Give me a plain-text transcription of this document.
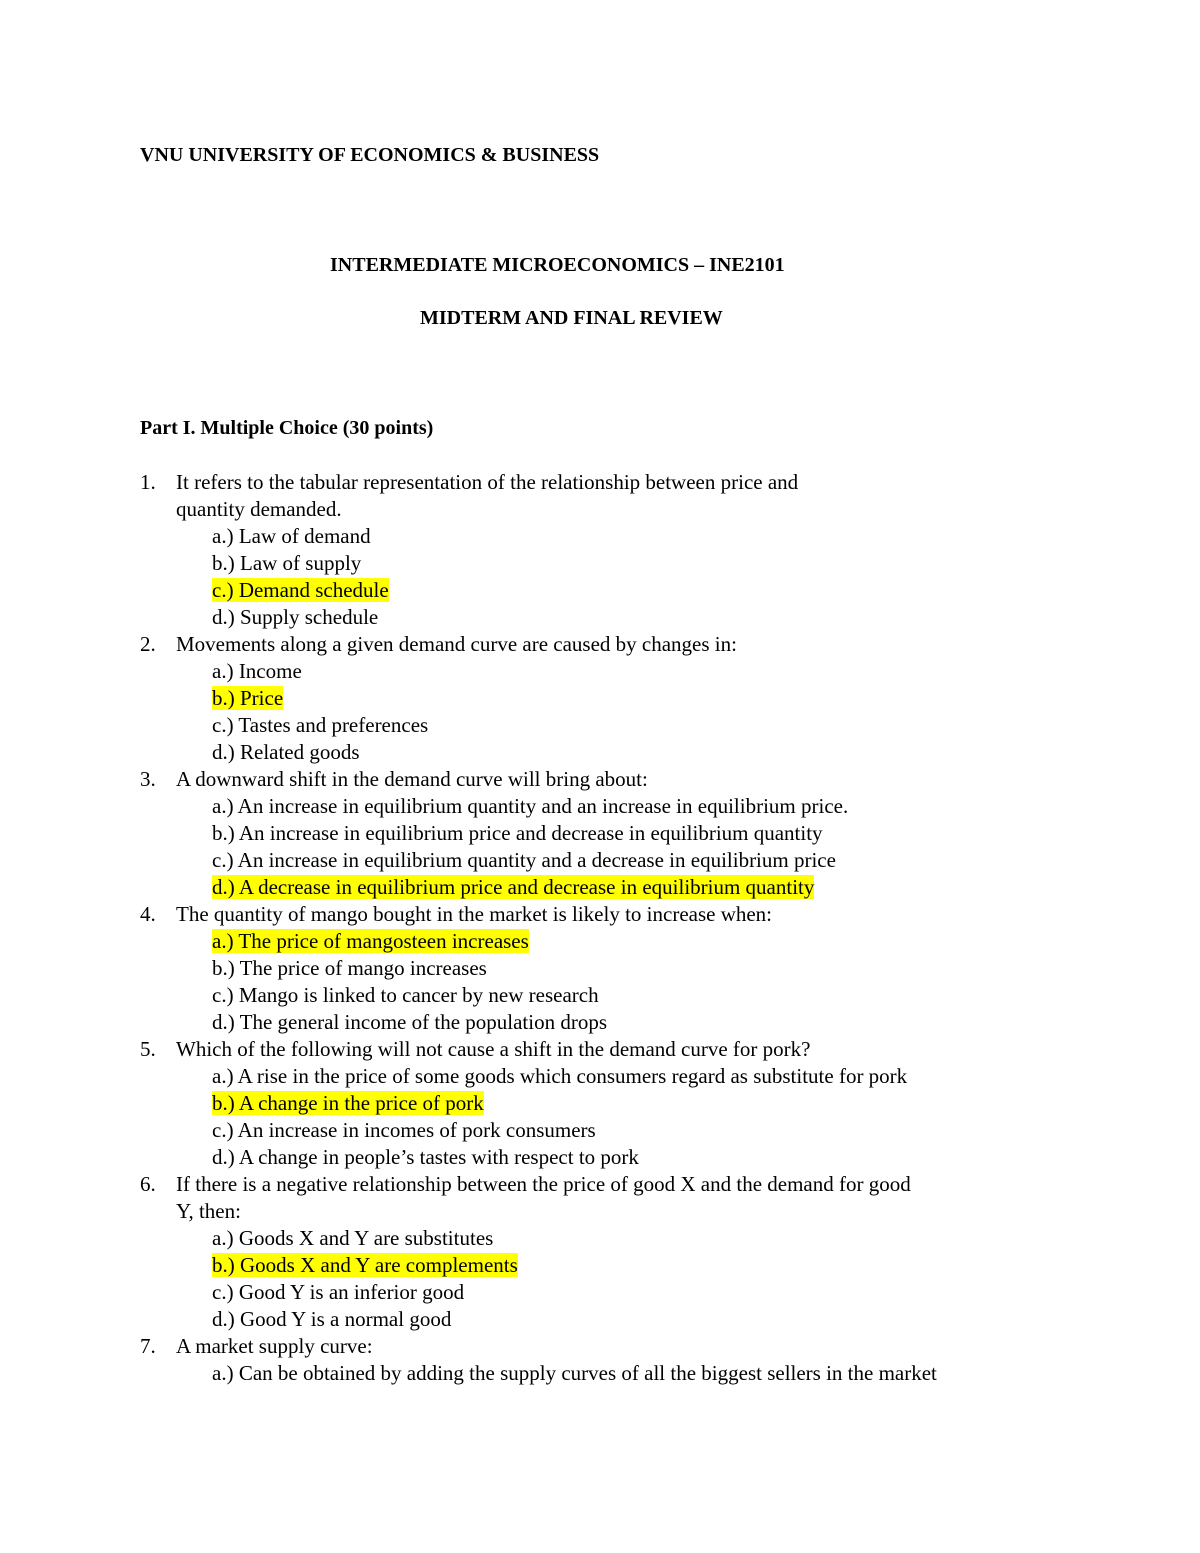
VNU UNIVERSITY OF ECONOMICS & BUSINESS
INTERMEDIATE MICROECONOMICS – INE2101
MIDTERM AND FINAL REVIEW
Part I. Multiple Choice (30 points)
1. It refers to the tabular representation of the relationship between price and
quantity demanded.
a.) Law of demand
b.) Law of supply
c.) Demand schedule
d.) Supply schedule
2. Movements along a given demand curve are caused by changes in:
a.) Income
b.) Price
c.) Tastes and preferences
d.) Related goods
3. A downward shift in the demand curve will bring about:
a.) An increase in equilibrium quantity and an increase in equilibrium price.
b.) An increase in equilibrium price and decrease in equilibrium quantity
c.) An increase in equilibrium quantity and a decrease in equilibrium price
d.) A decrease in equilibrium price and decrease in equilibrium quantity
4. The quantity of mango bought in the market is likely to increase when:
a.) The price of mangosteen increases
b.) The price of mango increases
c.) Mango is linked to cancer by new research
d.) The general income of the population drops
5. Which of the following will not cause a shift in the demand curve for pork?
a.) A rise in the price of some goods which consumers regard as substitute for pork
b.) A change in the price of pork
c.) An increase in incomes of pork consumers
d.) A change in people’s tastes with respect to pork
6. If there is a negative relationship between the price of good X and the demand for good
Y, then:
a.) Goods X and Y are substitutes
b.) Goods X and Y are complements
c.) Good Y is an inferior good
d.) Good Y is a normal good
7. A market supply curve:
a.) Can be obtained by adding the supply curves of all the biggest sellers in the market
